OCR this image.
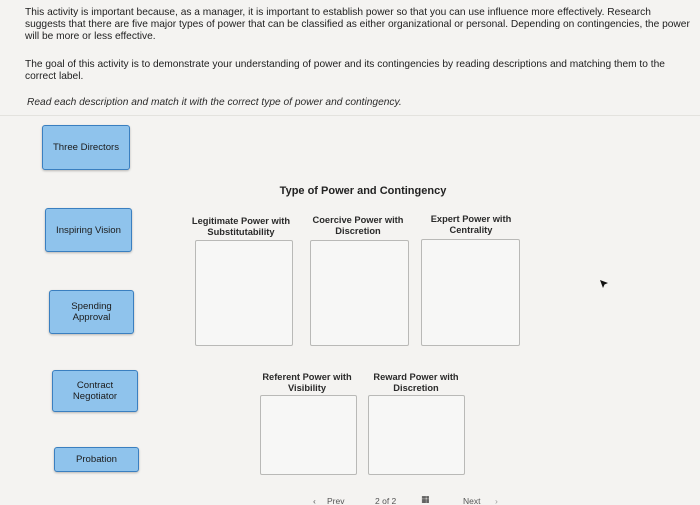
This activity is important because, as a manager, it is important to establish power so that you can use influence more effectively. Research suggests that there are five major types of power that can be classified as either organizational or personal. Depending on contingencies, the power will be more or less effective.
The goal of this activity is to demonstrate your understanding of power and its contingencies by reading descriptions and matching them to the correct label.
Read each description and match it with the correct type of power and contingency.
Three Directors
Inspiring Vision
Spending Approval
Contract Negotiator
Probation
Type of Power and Contingency
Legitimate Power with Substitutability
Coercive Power with Discretion
Expert Power with Centrality
Referent Power with Visibility
Reward Power with Discretion
‹ Prev	2 of 2	▦	Next ›
